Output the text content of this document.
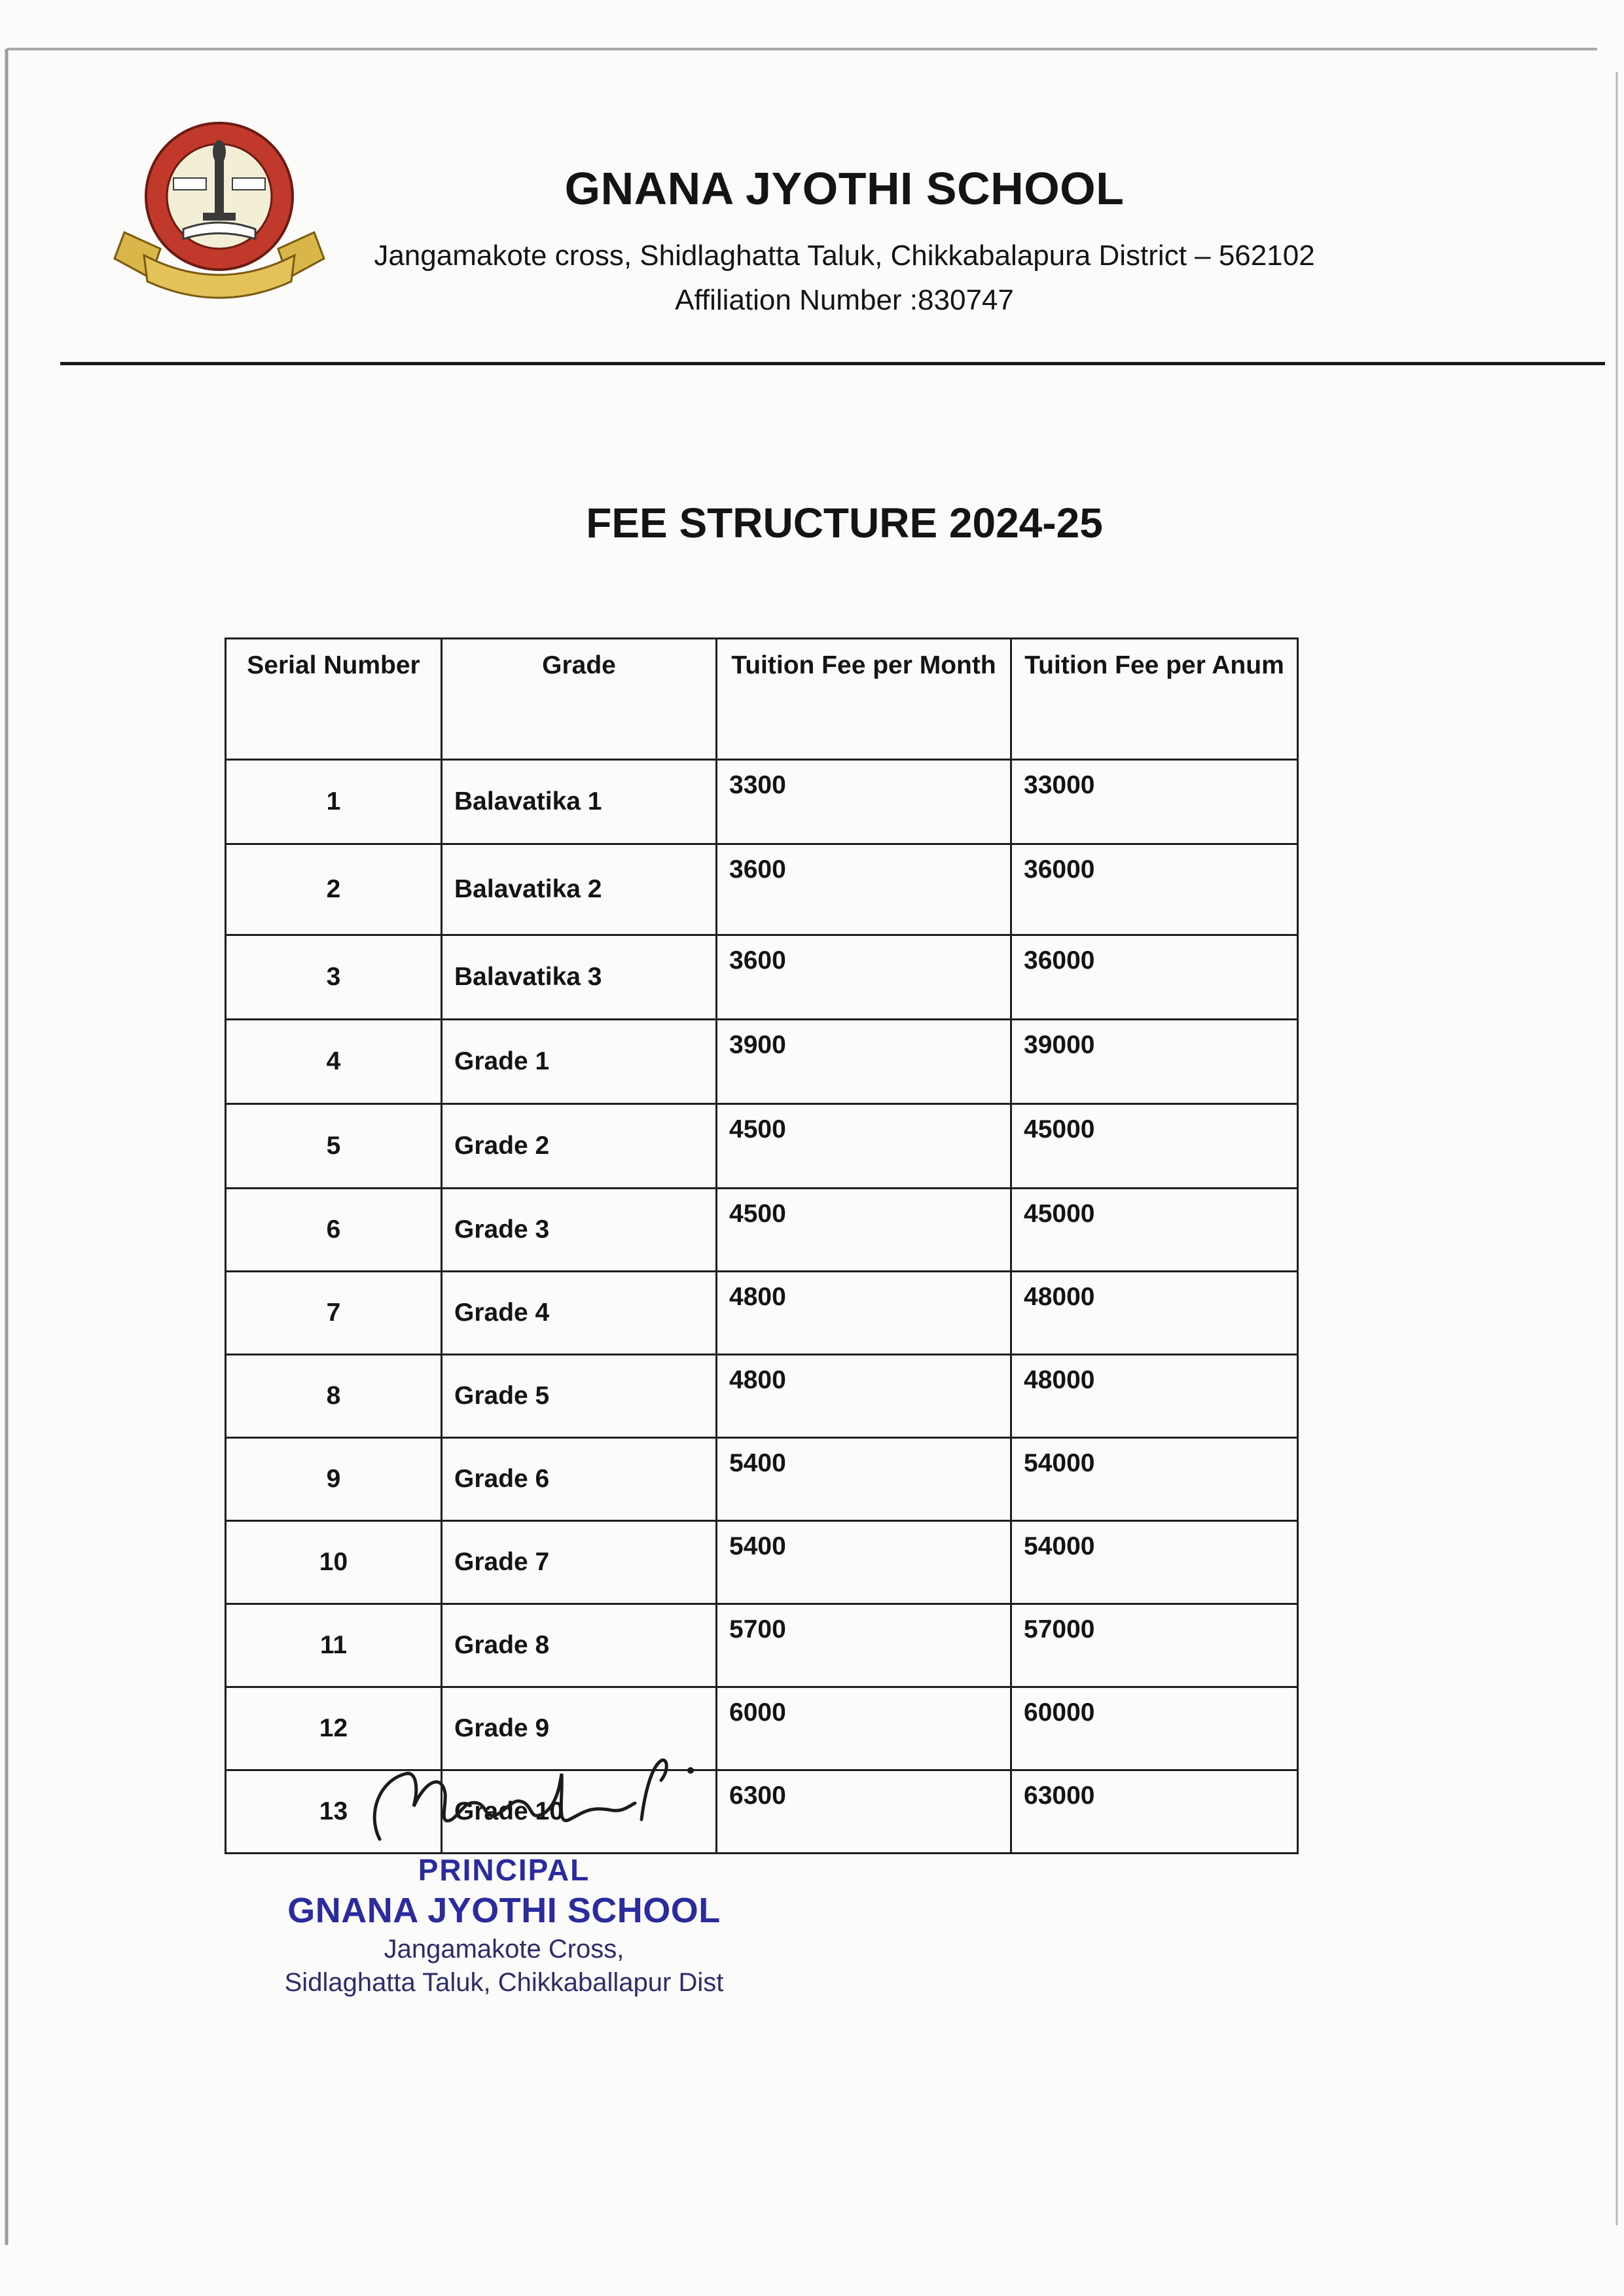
GNANA JYOTHI SCHOOL
Jangamakote cross, Shidlaghatta Taluk, Chikkabalapura District – 562102
Affiliation Number :830747
FEE STRUCTURE 2024-25
Serial Number	Grade	Tuition Fee per Month	Tuition Fee per Anum
1	Balavatika 1	3300	33000
2	Balavatika 2	3600	36000
3	Balavatika 3	3600	36000
4	Grade 1	3900	39000
5	Grade 2	4500	45000
6	Grade 3	4500	45000
7	Grade 4	4800	48000
8	Grade 5	4800	48000
9	Grade 6	5400	54000
10	Grade 7	5400	54000
11	Grade 8	5700	57000
12	Grade 9	6000	60000
13	Grade 10	6300	63000
PRINCIPAL
GNANA JYOTHI SCHOOL
Jangamakote Cross,
Sidlaghatta Taluk, Chikkaballapur Dist
